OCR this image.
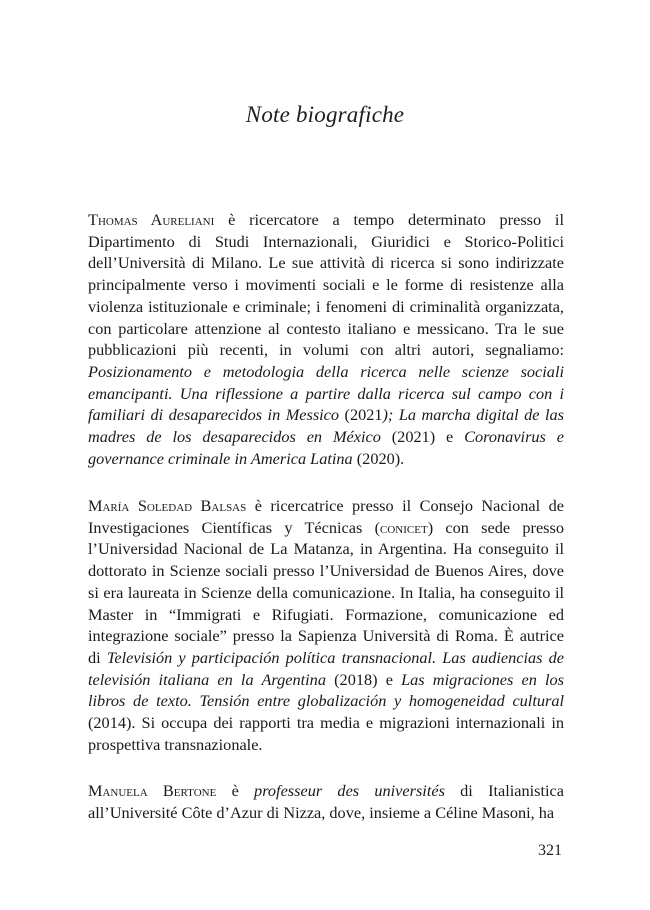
Note biografiche

Thomas Aureliani è ricercatore a tempo determinato presso il Dipartimento di Studi Internazionali, Giuridici e Storico-Politici dell’Università di Milano. Le sue attività di ricerca si sono indirizzate principalmente verso i movimenti sociali e le forme di resistenze alla violenza istituzionale e criminale; i fenomeni di criminalità organizzata, con particolare attenzione al contesto italiano e messicano. Tra le sue pubblicazioni più recenti, in volumi con altri autori, segnaliamo: Posizionamento e metodologia della ricerca nelle scienze sociali emancipanti. Una riflessione a partire dalla ricerca sul campo con i familiari di desaparecidos in Messico (2021); La marcha digital de las madres de los desaparecidos en México (2021) e Coronavirus e governance criminale in America Latina (2020).

María Soledad Balsas è ricercatrice presso il Consejo Nacional de Investigaciones Científicas y Técnicas (conicet) con sede presso l’Universidad Nacional de La Matanza, in Argentina. Ha conseguito il dottorato in Scienze sociali presso l’Universidad de Buenos Aires, dove si era laureata in Scienze della comunicazione. In Italia, ha conseguito il Master in “Immigrati e Rifugiati. Formazione, comunicazione ed integrazione sociale” presso la Sapienza Università di Roma. È autrice di Televisión y participación política transnacional. Las audiencias de televisión italiana en la Argentina (2018) e Las migraciones en los libros de texto. Tensión entre globalización y homogeneidad cultural (2014). Si occupa dei rapporti tra media e migrazioni internazionali in prospettiva transnazionale.

Manuela Bertone è professeur des universités di Italianistica all’Université Côte d’Azur di Nizza, dove, insieme a Céline Masoni, ha

321
